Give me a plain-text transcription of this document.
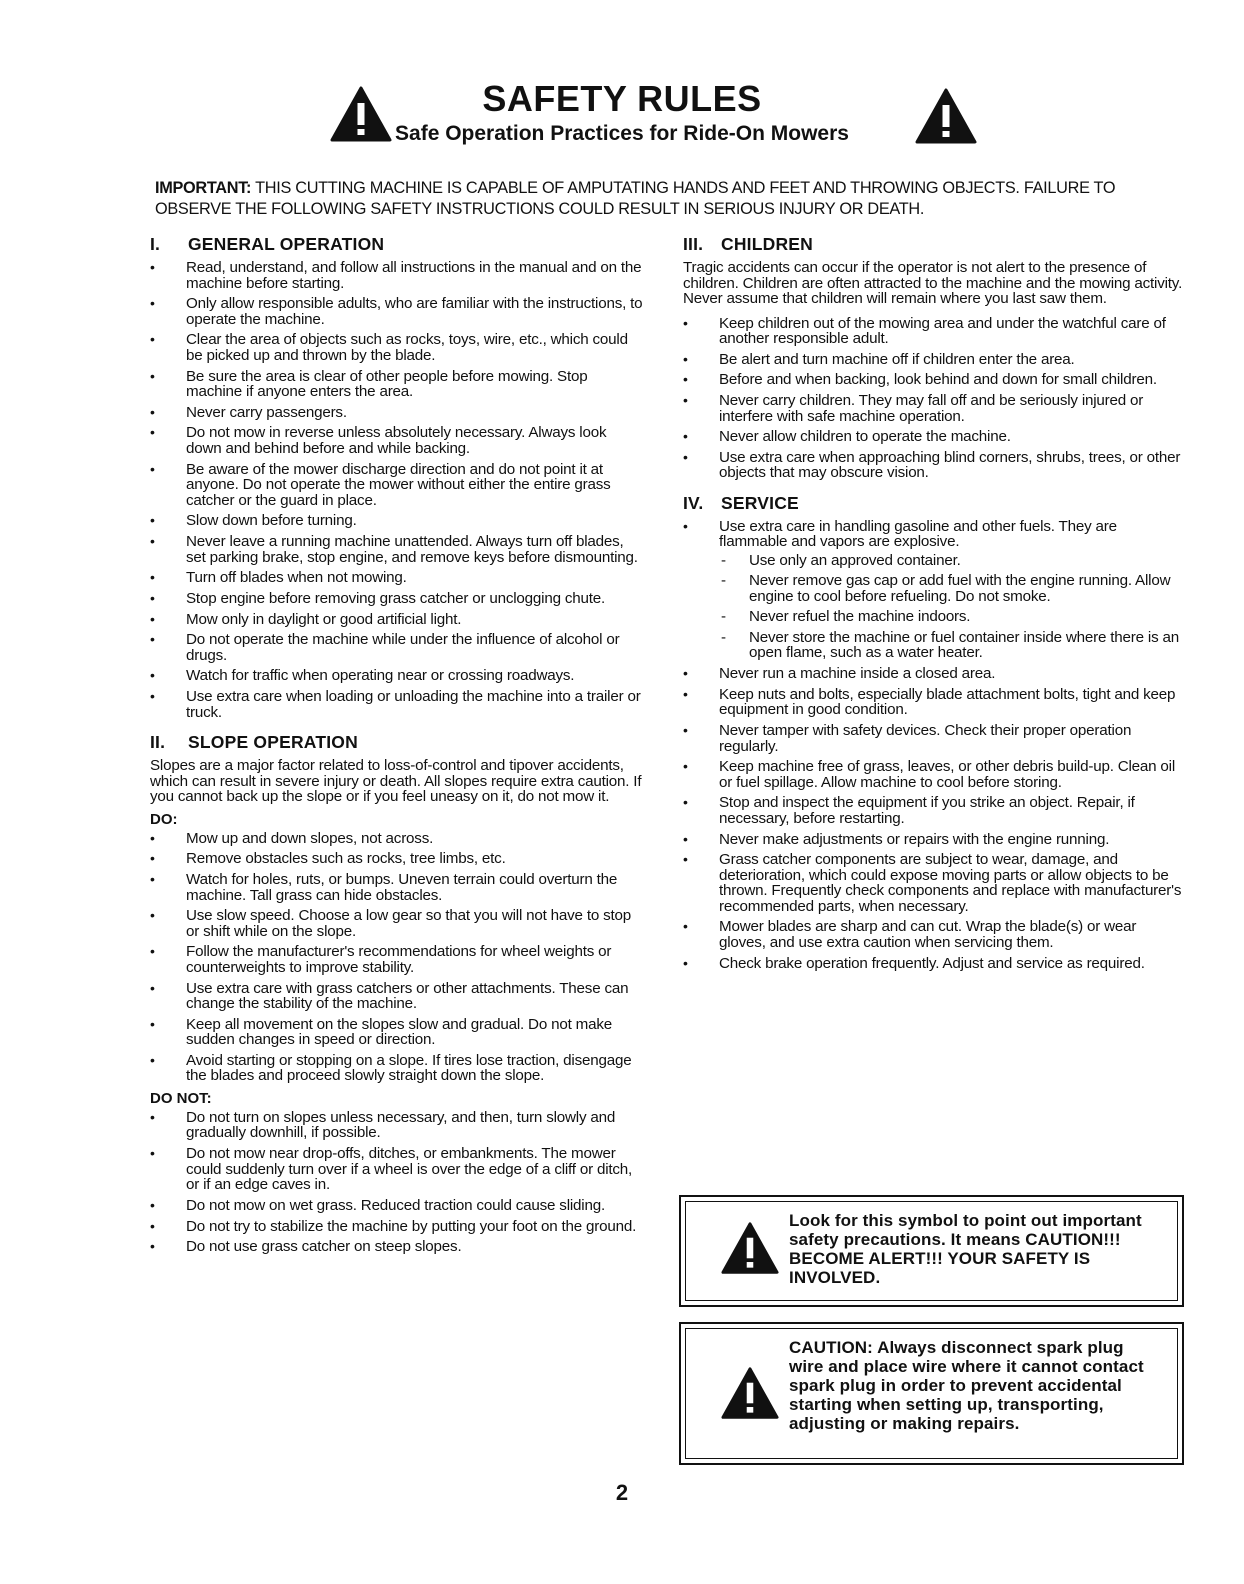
SAFETY RULES
Safe Operation Practices for Ride-On Mowers
IMPORTANT: THIS CUTTING MACHINE IS CAPABLE OF AMPUTATING HANDS AND FEET AND THROWING OBJECTS. FAILURE TO OBSERVE THE FOLLOWING SAFETY INSTRUCTIONS COULD RESULT IN SERIOUS INJURY OR DEATH.
I. GENERAL OPERATION
• Read, understand, and follow all instructions in the manual and on the machine before starting.
• Only allow responsible adults, who are familiar with the instructions, to operate the machine.
• Clear the area of objects such as rocks, toys, wire, etc., which could be picked up and thrown by the blade.
• Be sure the area is clear of other people before mowing. Stop machine if anyone enters the area.
• Never carry passengers.
• Do not mow in reverse unless absolutely necessary. Always look down and behind before and while backing.
• Be aware of the mower discharge direction and do not point it at anyone. Do not operate the mower without either the entire grass catcher or the guard in place.
• Slow down before turning.
• Never leave a running machine unattended. Always turn off blades, set parking brake, stop engine, and remove keys before dismounting.
• Turn off blades when not mowing.
• Stop engine before removing grass catcher or unclogging chute.
• Mow only in daylight or good artificial light.
• Do not operate the machine while under the influence of alcohol or drugs.
• Watch for traffic when operating near or crossing roadways.
• Use extra care when loading or unloading the machine into a trailer or truck.
II. SLOPE OPERATION

Slopes are a major factor related to loss-of-control and tipover accidents, which can result in severe injury or death. All slopes require extra caution. If you cannot back up the slope or if you feel uneasy on it, do not mow it.

DO:
• Mow up and down slopes, not across.
• Remove obstacles such as rocks, tree limbs, etc.
• Watch for holes, ruts, or bumps. Uneven terrain could overturn the machine. Tall grass can hide obstacles.
• Use slow speed. Choose a low gear so that you will not have to stop or shift while on the slope.
• Follow the manufacturer's recommendations for wheel weights or counterweights to improve stability.
• Use extra care with grass catchers or other attachments. These can change the stability of the machine.
• Keep all movement on the slopes slow and gradual. Do not make sudden changes in speed or direction.
• Avoid starting or stopping on a slope. If tires lose traction, disengage the blades and proceed slowly straight down the slope.
DO NOT:
• Do not turn on slopes unless necessary, and then, turn slowly and gradually downhill, if possible.
• Do not mow near drop-offs, ditches, or embankments. The mower could suddenly turn over if a wheel is over the edge of a cliff or ditch, or if an edge caves in.
• Do not mow on wet grass. Reduced traction could cause sliding.
• Do not try to stabilize the machine by putting your foot on the ground.
• Do not use grass catcher on steep slopes.
III. CHILDREN

Tragic accidents can occur if the operator is not alert to the presence of children. Children are often attracted to the machine and the mowing activity. Never assume that children will remain where you last saw them.

• Keep children out of the mowing area and under the watchful care of another responsible adult.
• Be alert and turn machine off if children enter the area.
• Before and when backing, look behind and down for small children.
• Never carry children. They may fall off and be seriously injured or interfere with safe machine operation.
• Never allow children to operate the machine.
• Use extra care when approaching blind corners, shrubs, trees, or other objects that may obscure vision.
IV. SERVICE
• Use extra care in handling gasoline and other fuels. They are flammable and vapors are explosive.
- Use only an approved container.
- Never remove gas cap or add fuel with the engine running. Allow engine to cool before refueling. Do not smoke.
- Never refuel the machine indoors.
- Never store the machine or fuel container inside where there is an open flame, such as a water heater.
• Never run a machine inside a closed area.
• Keep nuts and bolts, especially blade attachment bolts, tight and keep equipment in good condition.
• Never tamper with safety devices. Check their proper operation regularly.
• Keep machine free of grass, leaves, or other debris build-up. Clean oil or fuel spillage. Allow machine to cool before storing.
• Stop and inspect the equipment if you strike an object. Repair, if necessary, before restarting.
• Never make adjustments or repairs with the engine running.
• Grass catcher components are subject to wear, damage, and deterioration, which could expose moving parts or allow objects to be thrown. Frequently check components and replace with manufacturer's recommended parts, when necessary.
• Mower blades are sharp and can cut. Wrap the blade(s) or wear gloves, and use extra caution when servicing them.
• Check brake operation frequently. Adjust and service as required.
Look for this symbol to point out important safety precautions. It means CAUTION!!! BECOME ALERT!!! YOUR SAFETY IS INVOLVED.
CAUTION: Always disconnect spark plug wire and place wire where it cannot contact spark plug in order to prevent accidental starting when setting up, transporting, adjusting or making repairs.
2
